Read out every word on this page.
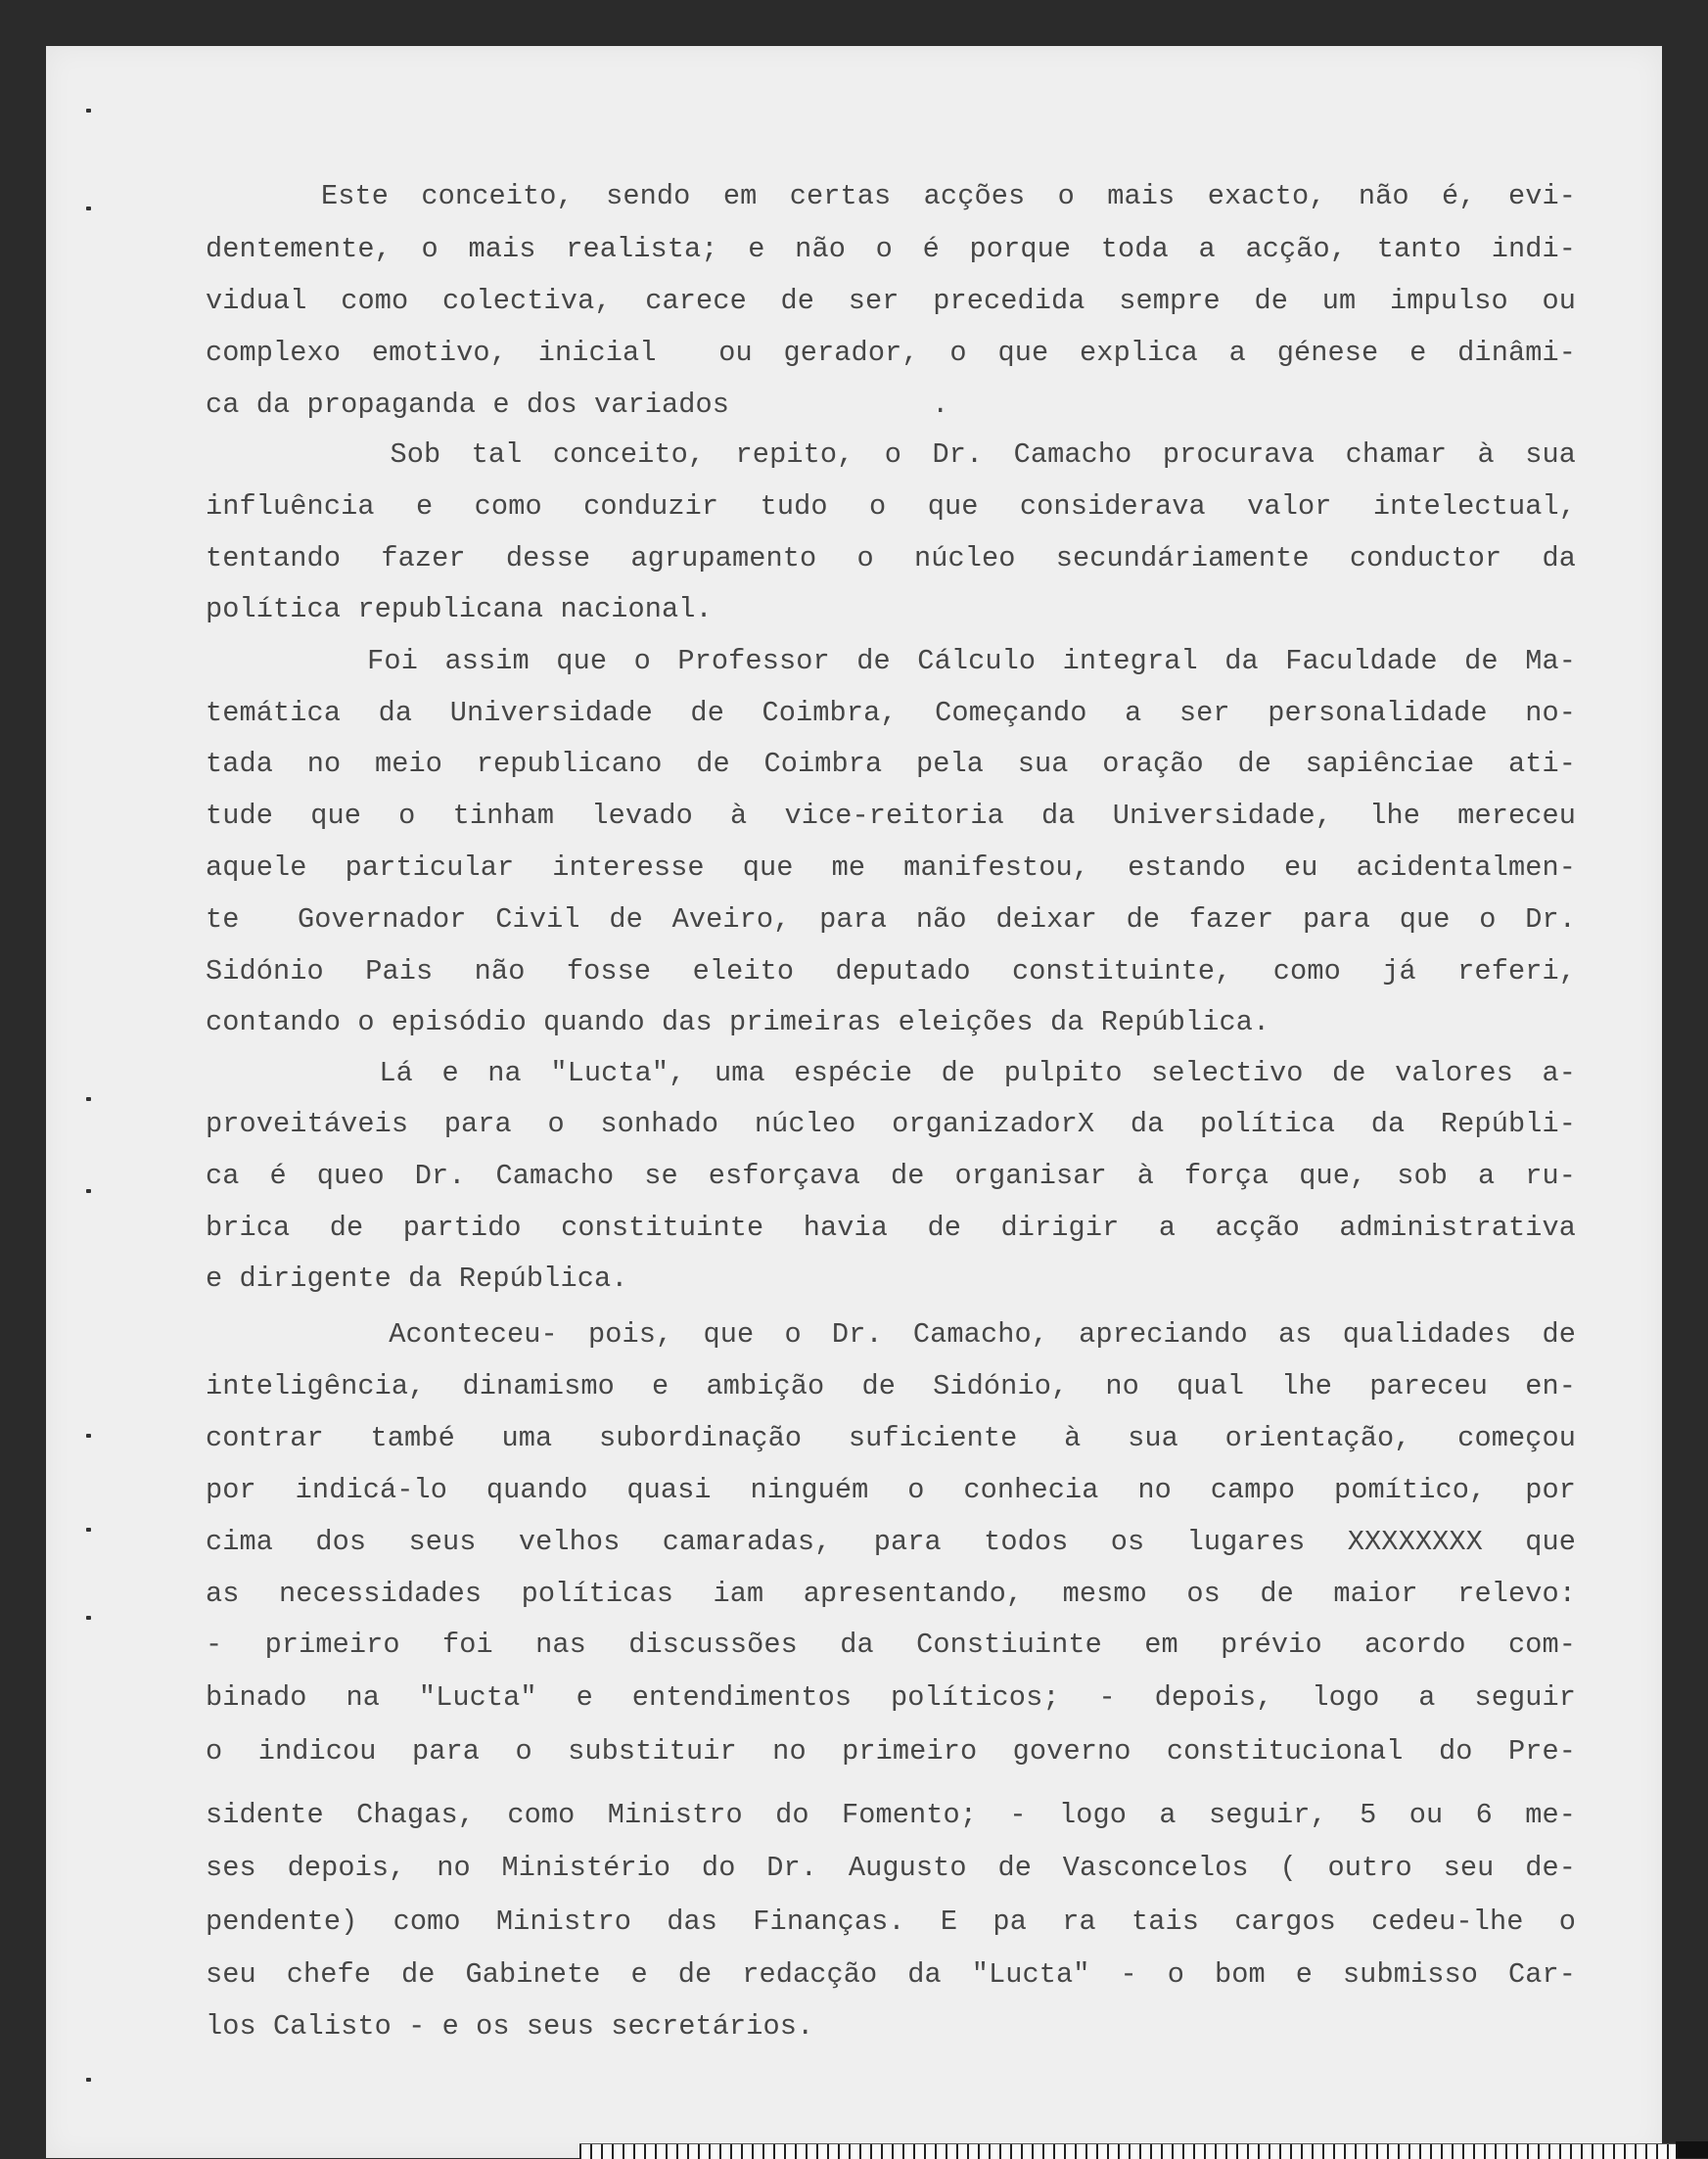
Este conceito, sendo em certas acções o mais exacto, não é, evi-

dentemente, o mais realista; e não o é porque toda a acção, tanto indi-

vidual como colectiva, carece de ser precedida sempre de um impulso ou

complexo emotivo, inicial  ou gerador, o que explica a génese e dinâmi-

ca da propaganda e dos variados            .

Sob tal conceito, repito, o Dr. Camacho procurava chamar à sua

influência e como conduzir tudo o que considerava valor intelectual,

tentando fazer desse agrupamento o núcleo secundáriamente conductor da

política republicana nacional.

Foi assim que o Professor de Cálculo integral da Faculdade de Ma-

temática da Universidade de Coimbra, Começando a ser personalidade no-

tada no meio republicano de Coimbra pela sua oração de sapiênciae ati-

tude que o tinham levado à vice-reitoria da Universidade, lhe mereceu

aquele particular interesse que me manifestou, estando eu acidentalmen-

te  Governador Civil de Aveiro, para não deixar de fazer para que o Dr.

Sidónio Pais não fosse eleito deputado constituinte, como já referi,

contando o episódio quando das primeiras eleições da República.

Lá e na "Lucta", uma espécie de pulpito selectivo de valores a-

proveitáveis para o sonhado núcleo organizadorX da política da Repúbli-

ca é queo Dr. Camacho se esforçava de organisar à força que, sob a ru-

brica de partido constituinte havia de dirigir a acção administrativa

e dirigente da República.

Aconteceu- pois, que o Dr. Camacho, apreciando as qualidades de

inteligência, dinamismo e ambição de Sidónio, no qual lhe pareceu en-

contrar també uma subordinação suficiente à sua orientação, começou

por indicá-lo quando quasi ninguém o conhecia no campo pomítico, por

cima dos seus velhos camaradas, para todos os lugares XXXXXXXX que

as necessidades políticas iam apresentando, mesmo os de maior relevo:

- primeiro foi nas discussões da Constiuinte em prévio acordo com-

binado na "Lucta" e entendimentos políticos; - depois, logo a seguir

o indicou para o substituir no primeiro governo constitucional do Pre-

sidente Chagas, como Ministro do Fomento; - logo a seguir, 5 ou 6 me-

ses depois, no Ministério do Dr. Augusto de Vasconcelos ( outro seu de-

pendente) como Ministro das Finanças. E pa ra tais cargos cedeu-lhe o

seu chefe de Gabinete e de redacção da "Lucta" - o bom e submisso Car-

los Calisto - e os seus secretários.
